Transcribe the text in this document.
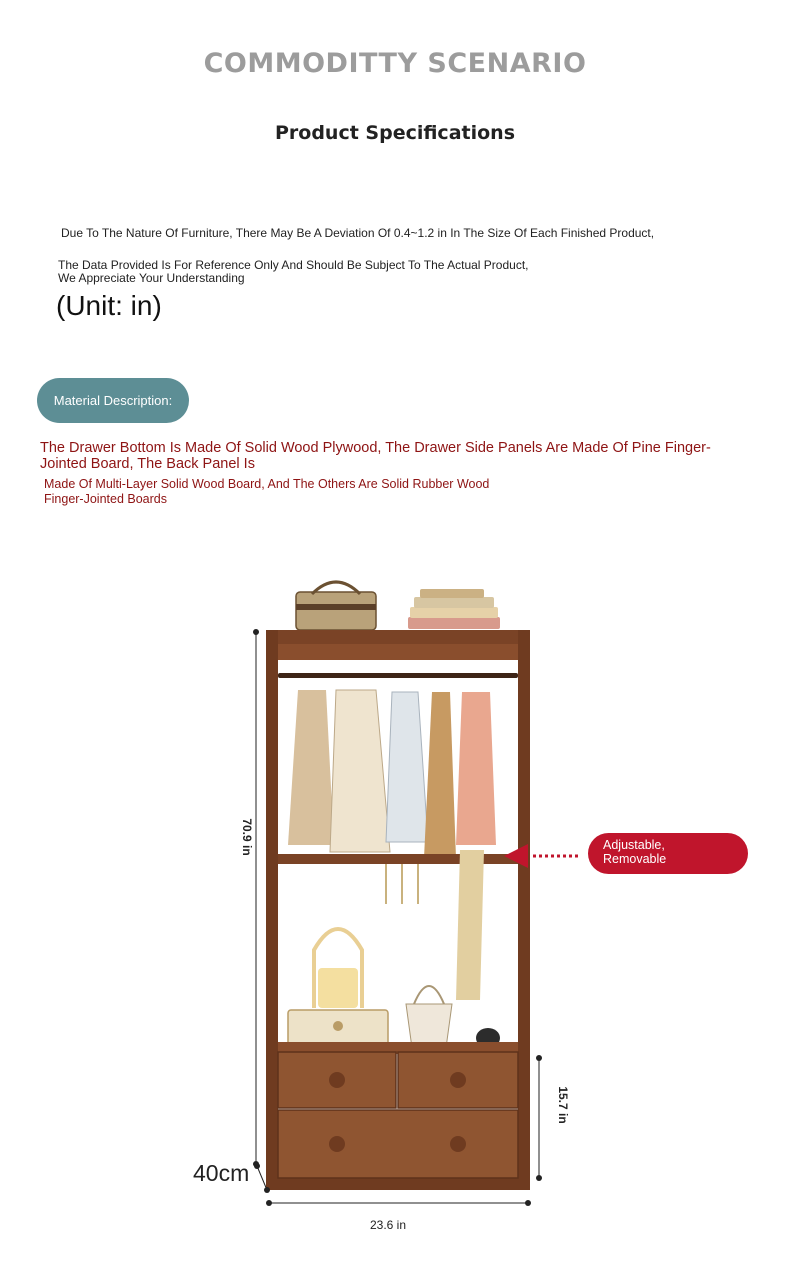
COMMODITTY SCENARIO
Product Specifications
Due To The Nature Of Furniture, There May Be A Deviation Of 0.4~1.2 in In The Size Of Each Finished Product,
The Data Provided Is For Reference Only And Should Be Subject To The Actual Product,
We Appreciate Your Understanding
(Unit: in)
Material Description:
The Drawer Bottom Is Made Of Solid Wood Plywood, The Drawer Side Panels Are Made Of Pine Finger-Jointed Board, The Back Panel Is
Made Of Multi-Layer Solid Wood Board, And The Others Are Solid Rubber Wood
Finger-Jointed Boards
70.9 in
15.7 in
23.6 in
40cm
Adjustable,
Removable
